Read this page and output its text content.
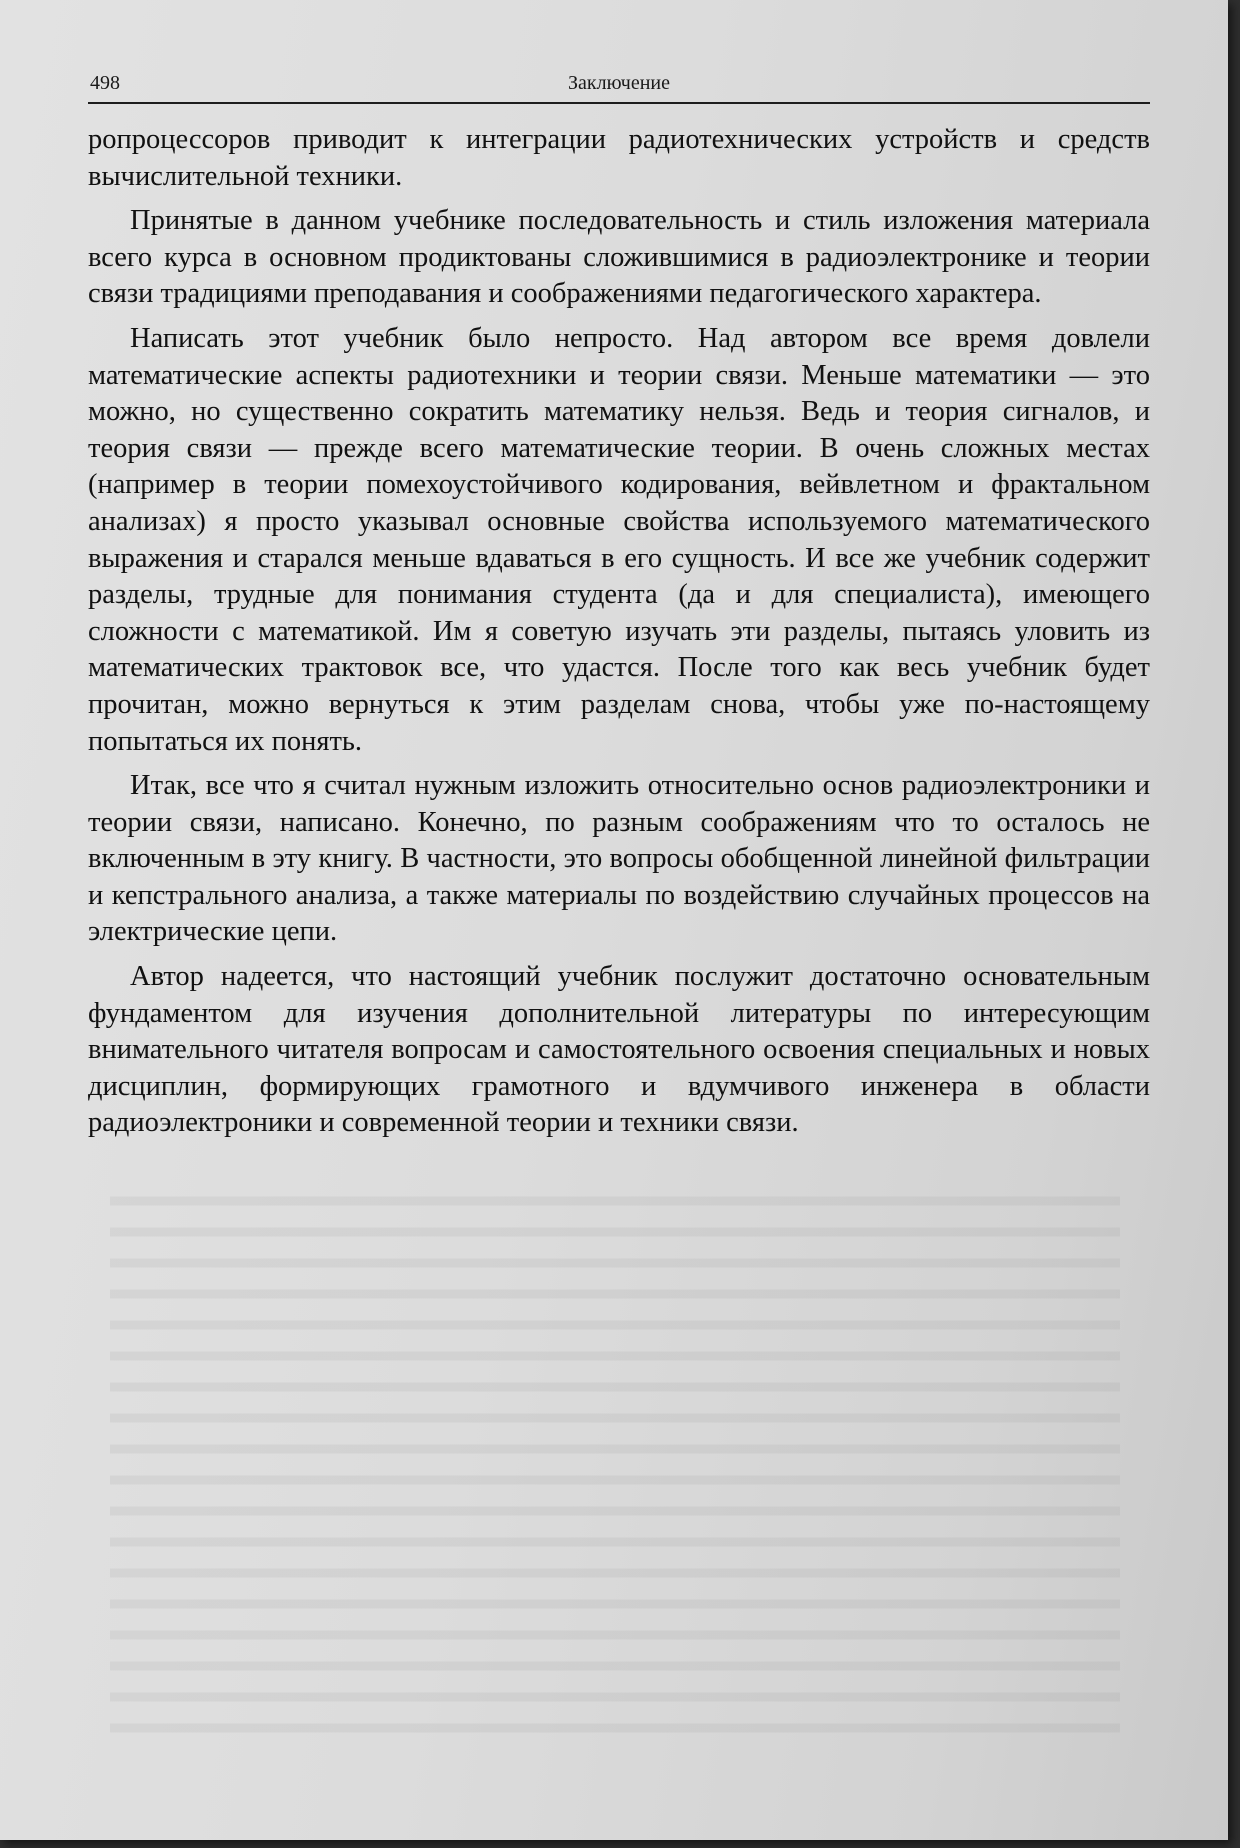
498	Заключение

ропроцессоров приводит к интеграции радиотехнических устройств и средств вычислительной техники.

Принятые в данном учебнике последовательность и стиль изложения материала всего курса в основном продиктованы сложившимися в радиоэлектронике и теории связи традициями преподавания и соображениями педагогического характера.

Написать этот учебник было непросто. Над автором все время довлели математические аспекты радиотехники и теории связи. Меньше математики — это можно, но существенно сократить математику нельзя. Ведь и теория сигналов, и теория связи — прежде всего математические теории. В очень сложных местах (например в теории помехоустойчивого кодирования, вейвлетном и фрактальном анализах) я просто указывал основные свойства используемого математического выражения и старался меньше вдаваться в его сущность. И все же учебник содержит разделы, трудные для понимания студента (да и для специалиста), имеющего сложности с математикой. Им я советую изучать эти разделы, пытаясь уловить из математических трактовок все, что удастся. После того как весь учебник будет прочитан, можно вернуться к этим разделам снова, чтобы уже по-настоящему попытаться их понять.

Итак, все что я считал нужным изложить относительно основ радиоэлектроники и теории связи, написано. Конечно, по разным соображениям что то осталось не включенным в эту книгу. В частности, это вопросы обобщенной линейной фильтрации и кепстрального анализа, а также материалы по воздействию случайных процессов на электрические цепи.

Автор надеется, что настоящий учебник послужит достаточно основательным фундаментом для изучения дополнительной литературы по интересующим внимательного читателя вопросам и самостоятельного освоения специальных и новых дисциплин, формирующих грамотного и вдумчивого инженера в области радиоэлектроники и современной теории и техники связи.
